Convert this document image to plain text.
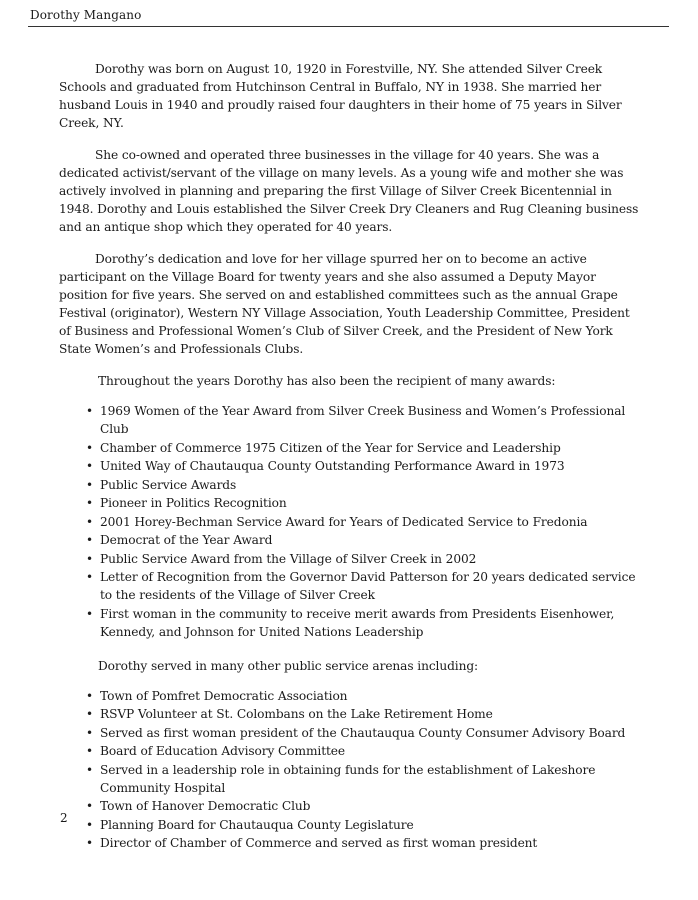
Dorothy Mangano

Dorothy was born on August 10, 1920 in Forestville, NY. She attended Silver Creek Schools and graduated from Hutchinson Central in Buffalo, NY in 1938. She married her husband Louis in 1940 and proudly raised four daughters in their home of 75 years in Silver Creek, NY.

She co-owned and operated three businesses in the village for 40 years. She was a dedicated activist/servant of the village on many levels. As a young wife and mother she was actively involved in planning and preparing the first Village of Silver Creek Bicentennial in 1948. Dorothy and Louis established the Silver Creek Dry Cleaners and Rug Cleaning business and an antique shop which they operated for 40 years.

Dorothy’s dedication and love for her village spurred her on to become an active participant on the Village Board for twenty years and she also assumed a Deputy Mayor position for five years. She served on and established committees such as the annual Grape Festival (originator), Western NY Village Association, Youth Leadership Committee, President of Business and Professional Women’s Club of Silver Creek, and the President of New York State Women’s and Professionals Clubs.

Throughout the years Dorothy has also been the recipient of many awards:

• 1969 Women of the Year Award from Silver Creek Business and Women’s Professional Club
• Chamber of Commerce 1975 Citizen of the Year for Service and Leadership
• United Way of Chautauqua County Outstanding Performance Award in 1973
• Public Service Awards
• Pioneer in Politics Recognition
• 2001 Horey-Bechman Service Award for Years of Dedicated Service to Fredonia
• Democrat of the Year Award
• Public Service Award from the Village of Silver Creek in 2002
• Letter of Recognition from the Governor David Patterson for 20 years dedicated service to the residents of the Village of Silver Creek
• First woman in the community to receive merit awards from Presidents Eisenhower, Kennedy, and Johnson for United Nations Leadership

Dorothy served in many other public service arenas including:

• Town of Pomfret Democratic Association
• RSVP Volunteer at St. Colombans on the Lake Retirement Home
• Served as first woman president of the Chautauqua County Consumer Advisory Board
• Board of Education Advisory Committee
• Served in a leadership role in obtaining funds for the establishment of Lakeshore Community Hospital
• Town of Hanover Democratic Club
• Planning Board for Chautauqua County Legislature
• Director of Chamber of Commerce and served as first woman president
2
